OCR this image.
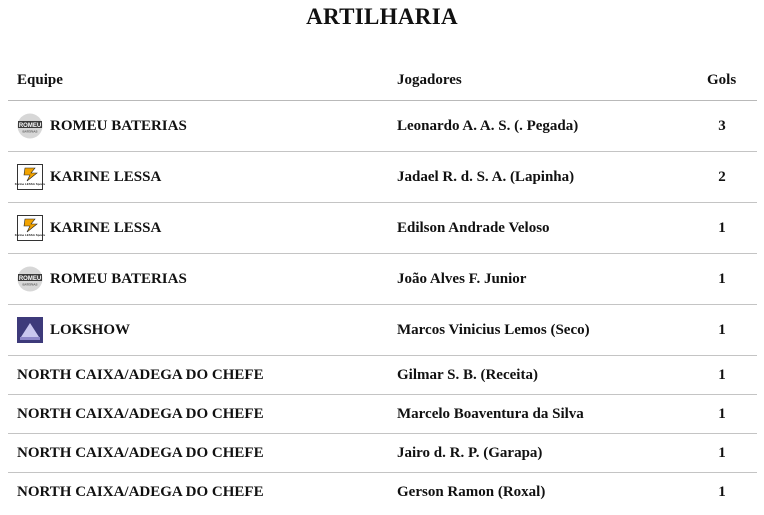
ARTILHARIA
Equipe	Jogadores	Gols
ROMEU
BATERIAS ROMEU BATERIAS	Leonardo A. A. S. (. Pegada)	3
Karine LESSA Sports KARINE LESSA	Jadael R. d. S. A. (Lapinha)	2
Karine LESSA Sports KARINE LESSA	Edilson Andrade Veloso	1
ROMEU
BATERIAS ROMEU BATERIAS	João Alves F. Junior	1
LOKSHOW	Marcos Vinicius Lemos (Seco)	1
NORTH CAIXA/ADEGA DO CHEFE	Gilmar S. B. (Receita)	1
NORTH CAIXA/ADEGA DO CHEFE	Marcelo Boaventura da Silva	1
NORTH CAIXA/ADEGA DO CHEFE	Jairo d. R. P. (Garapa)	1
NORTH CAIXA/ADEGA DO CHEFE	Gerson Ramon (Roxal)	1
